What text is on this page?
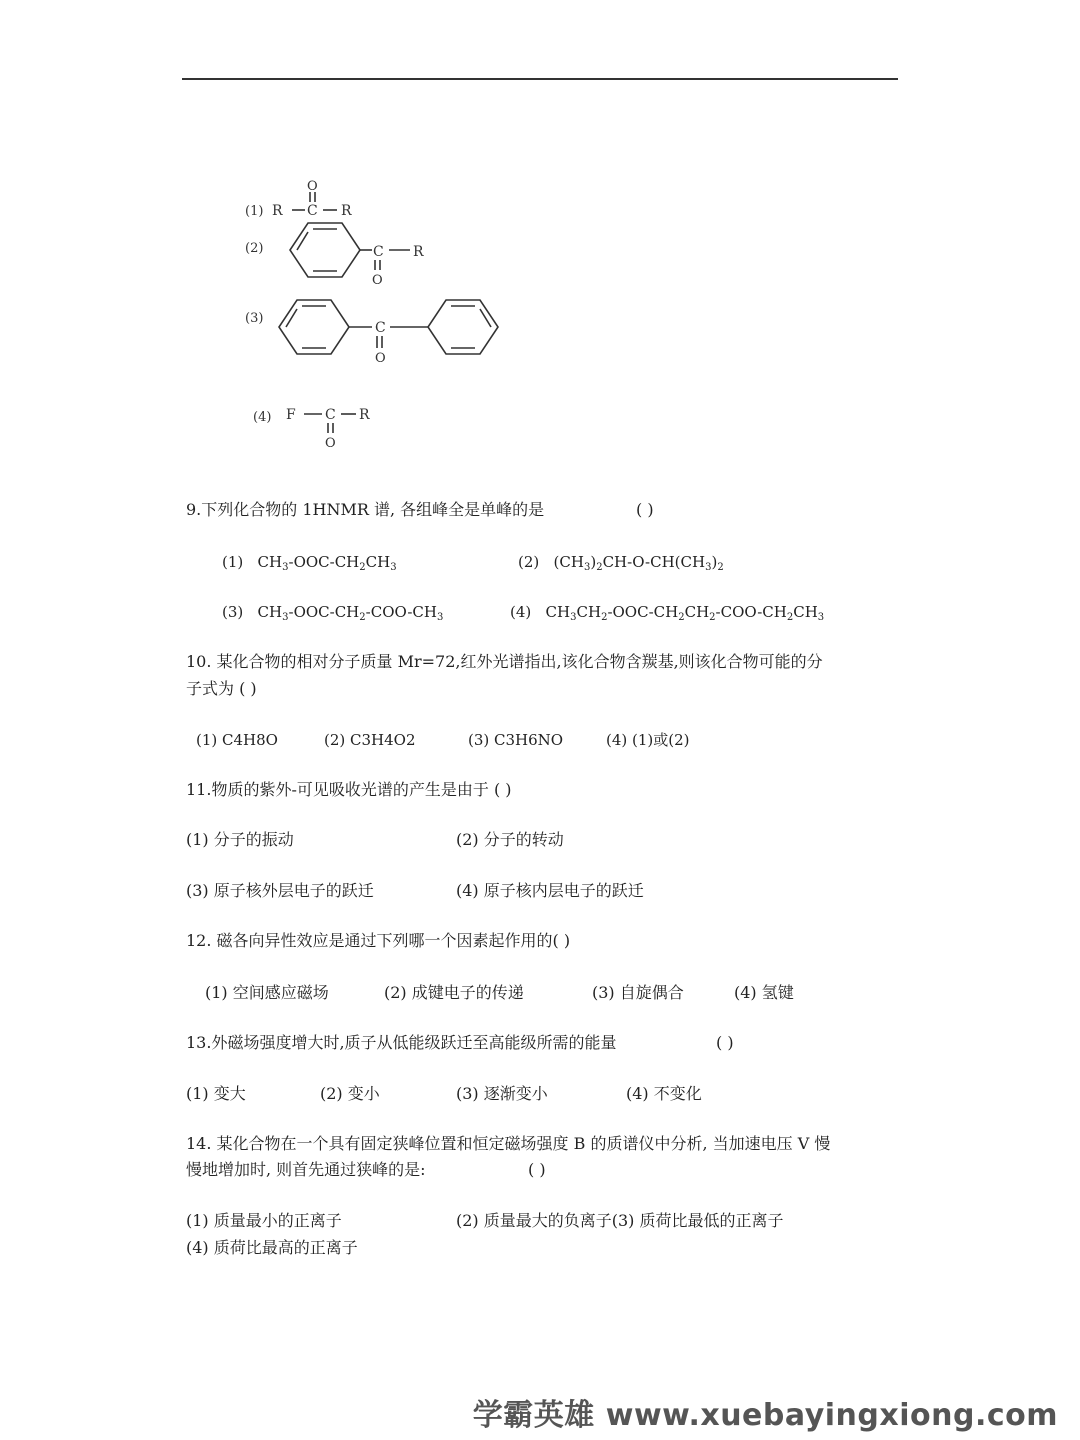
(1) R C
O
R
(2)	C
O
R
(3)
C
O
(4) F C
O
R
9.下列化合物的 1HNMR 谱, 各组峰全是单峰的是	( )
(1)   $CH_3-OOC-CH_2CH_3$	(2)   $(CH_3)_2CH-O-CH(CH_3)_2$
(3)   $CH_3-OOC-CH_2-COO-CH_3$	(4)   $CH_3CH_2-OOC-CH_2CH_2-COO-CH_2CH_3$
10. 某化合物的相对分子质量 Mr=72,红外光谱指出,该化合物含羰基,则该化合物可能的分
子式为 ( )
(1) C4H8O	(2) C3H4O2	(3) C3H6NO	(4) (1)或(2)
11.物质的紫外-可见吸收光谱的产生是由于 ( )
(1) 分子的振动	(2) 分子的转动
(3) 原子核外层电子的跃迁	(4) 原子核内层电子的跃迁
12. 磁各向异性效应是通过下列哪一个因素起作用的( )
(1) 空间感应磁场	(2) 成键电子的传递	(3) 自旋偶合	(4) 氢键
13.外磁场强度增大时,质子从低能级跃迁至高能级所需的能量	( )
(1) 变大	(2) 变小	(3) 逐渐变小	(4) 不变化
14. 某化合物在一个具有固定狭峰位置和恒定磁场强度 B 的质谱仪中分析, 当加速电压 V 慢
慢地增加时, 则首先通过狭峰的是:	( )
(1) 质量最小的正离子	(2) 质量最大的负离子(3) 质荷比最低的正离子
(4) 质荷比最高的正离子
学霸英雄 www.xuebayingxiong.com
